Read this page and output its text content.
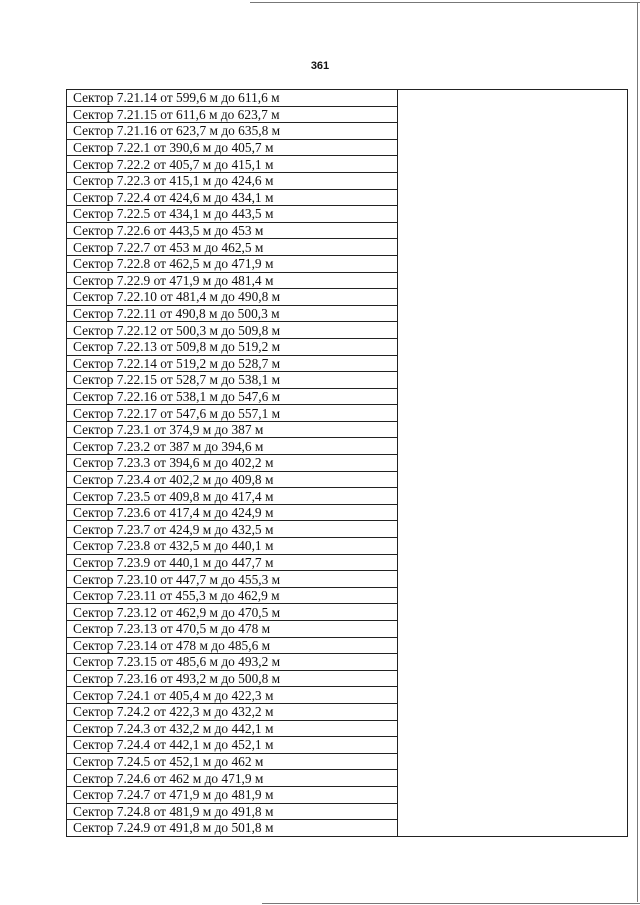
361
Сектор 7.21.14 от 599,6 м до 611,6 м	
Сектор 7.21.15 от 611,6 м до 623,7 м	
Сектор 7.21.16 от 623,7 м до 635,8 м	
Сектор 7.22.1 от 390,6 м до 405,7 м	
Сектор 7.22.2 от 405,7 м до 415,1 м	
Сектор 7.22.3 от 415,1 м до 424,6 м	
Сектор 7.22.4 от 424,6 м до 434,1 м	
Сектор 7.22.5 от 434,1 м до 443,5 м	
Сектор 7.22.6 от 443,5 м до 453 м	
Сектор 7.22.7 от 453 м до 462,5 м	
Сектор 7.22.8 от 462,5 м до 471,9 м	
Сектор 7.22.9 от 471,9 м до 481,4 м	
Сектор 7.22.10 от 481,4 м до 490,8 м	
Сектор 7.22.11 от 490,8 м до 500,3 м	
Сектор 7.22.12 от 500,3 м до 509,8 м	
Сектор 7.22.13 от 509,8 м до 519,2 м	
Сектор 7.22.14 от 519,2 м до 528,7 м	
Сектор 7.22.15 от 528,7 м до 538,1 м	
Сектор 7.22.16 от 538,1 м до 547,6 м	
Сектор 7.22.17 от 547,6 м до 557,1 м	
Сектор 7.23.1 от 374,9 м до 387 м	
Сектор 7.23.2 от 387 м до 394,6 м	
Сектор 7.23.3 от 394,6 м до 402,2 м	
Сектор 7.23.4 от 402,2 м до 409,8 м	
Сектор 7.23.5 от 409,8 м до 417,4 м	
Сектор 7.23.6 от 417,4 м до 424,9 м	
Сектор 7.23.7 от 424,9 м до 432,5 м	
Сектор 7.23.8 от 432,5 м до 440,1 м	
Сектор 7.23.9 от 440,1 м до 447,7 м	
Сектор 7.23.10 от 447,7 м до 455,3 м	
Сектор 7.23.11 от 455,3 м до 462,9 м	
Сектор 7.23.12 от 462,9 м до 470,5 м	
Сектор 7.23.13 от 470,5 м до 478 м	
Сектор 7.23.14 от 478 м до 485,6 м	
Сектор 7.23.15 от 485,6 м до 493,2 м	
Сектор 7.23.16 от 493,2 м до 500,8 м	
Сектор 7.24.1 от 405,4 м до 422,3 м	
Сектор 7.24.2 от 422,3 м до 432,2 м	
Сектор 7.24.3 от 432,2 м до 442,1 м	
Сектор 7.24.4 от 442,1 м до 452,1 м	
Сектор 7.24.5 от 452,1 м до 462 м	
Сектор 7.24.6 от 462 м до 471,9 м	
Сектор 7.24.7 от 471,9 м до 481,9 м	
Сектор 7.24.8 от 481,9 м до 491,8 м	
Сектор 7.24.9 от 491,8 м до 501,8 м	
